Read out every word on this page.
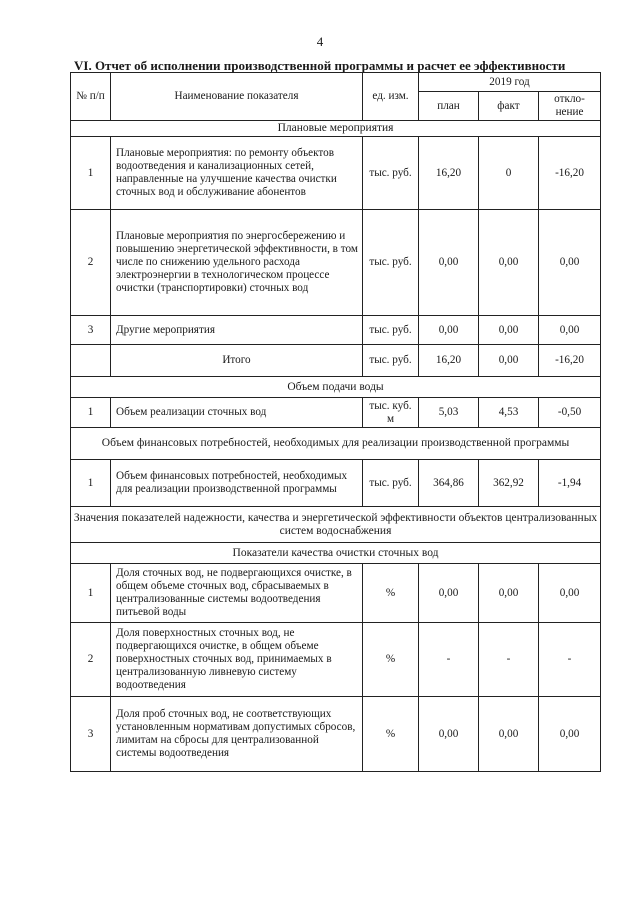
4
VI. Отчет об исполнении производственной программы и расчет ее эффективности
№ п/п	Наименование показателя	ед. изм.	2019 год		
			план	факт	откло-нение
Плановые мероприятия					
1	Плановые мероприятия: по ремонту объектов водоотведения и канализационных сетей, направленные на улучшение качества очистки сточных вод и обслуживание абонентов	тыс. руб.	16,20	0	-16,20
2	Плановые мероприятия по энергосбережению и повышению энергетической эффективности, в том числе по снижению удельного расхода электроэнергии в технологическом процессе очистки (транспортировки) сточных вод	тыс. руб.	0,00	0,00	0,00
3	Другие мероприятия	тыс. руб.	0,00	0,00	0,00
	Итого	тыс. руб.	16,20	0,00	-16,20
Объем подачи воды					
1	Объем реализации сточных вод	тыс. куб. м	5,03	4,53	-0,50
Объем финансовых потребностей, необходимых для реализации производственной программы					
1	Объем финансовых потребностей, необходимых для реализации производственной программы	тыс. руб.	364,86	362,92	-1,94
Значения показателей надежности, качества и энергетической эффективности объектов централизованных систем водоснабжения					
Показатели качества очистки сточных вод					
1	Доля сточных вод, не подвергающихся очистке, в общем объеме сточных вод, сбрасываемых в централизованные системы водоотведения питьевой воды	%	0,00	0,00	0,00
2	Доля поверхностных сточных вод, не подвергающихся очистке, в общем объеме поверхностных сточных вод, принимаемых в централизованную ливневую систему водоотведения	%	-	-	-
3	Доля проб сточных вод, не соответствующих установленным нормативам допустимых сбросов, лимитам на сбросы для централизованной системы водоотведения	%	0,00	0,00	0,00
